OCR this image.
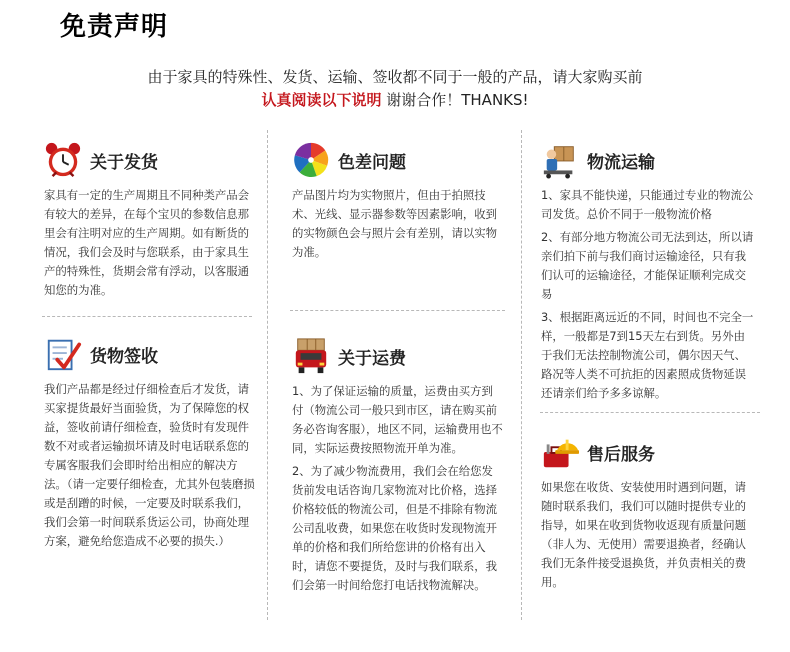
免责声明
由于家具的特殊性、发货、运输、签收都不同于一般的产品，请大家购买前
认真阅读以下说明 谢谢合作！THANKS!
关于发货

家具有一定的生产周期且不同种类产品会有较大的差异，在每个宝贝的参数信息那里会有注明对应的生产周期。如有断货的情况，我们会及时与您联系，由于家具生产的特殊性，货期会常有浮动，以客服通知您的为准。

色差问题

产品图片均为实物照片，但由于拍照技术、光线、显示器参数等因素影响，收到的实物颜色会与照片会有差别，请以实物为准。

物流运输

1、家具不能快递，只能通过专业的物流公司发货。总价不同于一般物流价格

2、有部分地方物流公司无法到达，所以请亲们拍下前与我们商讨运输途径，只有我们认可的运输途径，才能保证顺利完成交易

3、根据距离远近的不同，时间也不完全一样，一般都是7到15天左右到货。另外由于我们无法控制物流公司，偶尔因天气、路况等人类不可抗拒的因素照成货物延误还请亲们给予多多谅解。

货物签收

我们产品都是经过仔细检查后才发货，请买家提货最好当面验货，为了保障您的权益，签收前请仔细检查，验货时有发现件数不对或者运输损坏请及时电话联系您的专属客服我们会即时给出相应的解决方法。（请一定要仔细检查，尤其外包装磨损或是刮蹭的时候，一定要及时联系我们，我们会第一时间联系货运公司，协商处理方案，避免给您造成不必要的损失.）

关于运费

1、为了保证运输的质量，运费由买方到付（物流公司一般只到市区，请在购买前务必咨询客服），地区不同，运输费用也不同，实际运费按照物流开单为准。

2、为了减少物流费用，我们会在给您发货前发电话咨询几家物流对比价格，选择价格较低的物流公司，但是不排除有物流公司乱收费，如果您在收货时发现物流开单的价格和我们所给您讲的价格有出入时，请您不要提货，及时与我们联系，我们会第一时间给您打电话找物流解决。

售后服务

如果您在收货、安装使用时遇到问题，请随时联系我们，我们可以随时提供专业的指导，如果在收到货物收返现有质量问题（非人为、无使用）需要退换者，经确认我们无条件接受退换货，并负责相关的费用。
